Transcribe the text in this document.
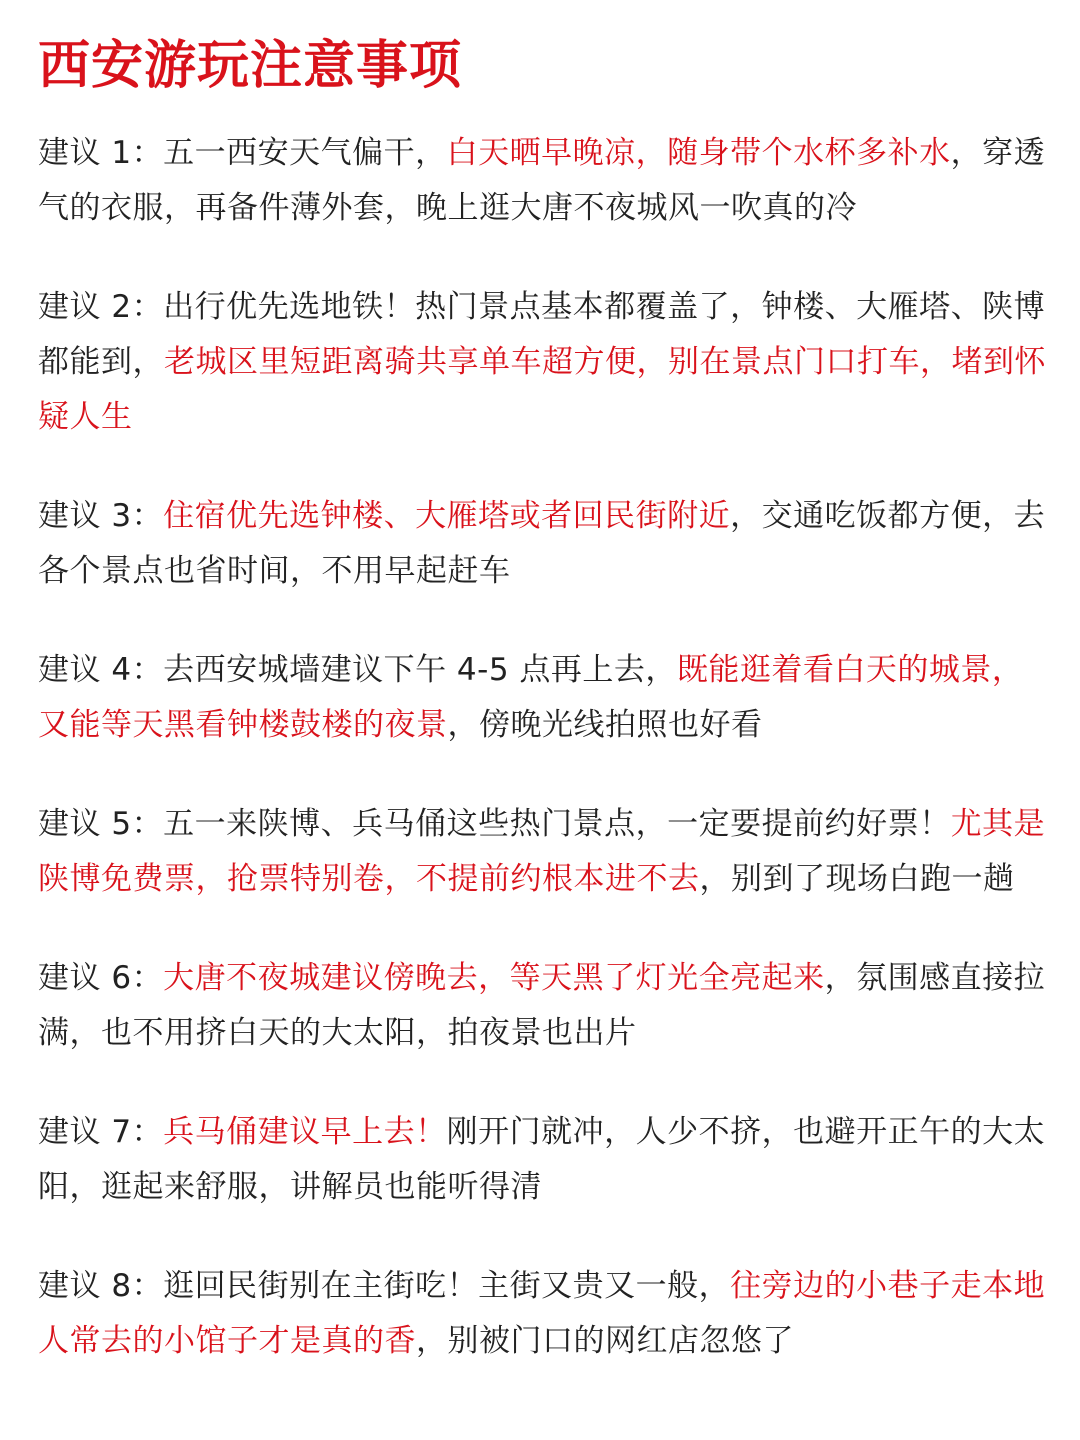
西安游玩注意事项

建议 1：五一西安天气偏干，白天晒早晚凉，随身带个水杯多补水，穿透气的衣服，再备件薄外套，晚上逛大唐不夜城风一吹真的冷

建议 2：出行优先选地铁！热门景点基本都覆盖了，钟楼、大雁塔、陕博都能到，老城区里短距离骑共享单车超方便，别在景点门口打车，堵到怀疑人生

建议 3：住宿优先选钟楼、大雁塔或者回民街附近，交通吃饭都方便，去各个景点也省时间，不用早起赶车

建议 4：去西安城墙建议下午 4-5 点再上去，既能逛着看白天的城景，又能等天黑看钟楼鼓楼的夜景，傍晚光线拍照也好看

建议 5：五一来陕博、兵马俑这些热门景点，一定要提前约好票！尤其是陕博免费票，抢票特别卷，不提前约根本进不去，别到了现场白跑一趟

建议 6：大唐不夜城建议傍晚去，等天黑了灯光全亮起来，氛围感直接拉满，也不用挤白天的大太阳，拍夜景也出片

建议 7：兵马俑建议早上去！刚开门就冲，人少不挤，也避开正午的大太阳，逛起来舒服，讲解员也能听得清

建议 8：逛回民街别在主街吃！主街又贵又一般，往旁边的小巷子走本地人常去的小馆子才是真的香，别被门口的网红店忽悠了
